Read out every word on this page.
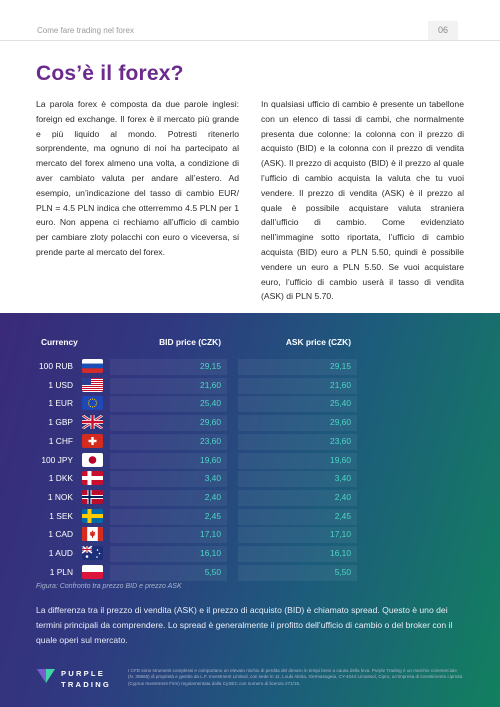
Come fare trading nel forex	06
Cos’è il forex?

La parola forex è composta da due parole inglesi: foreign ed exchange. Il forex è il mercato più grande e più liquido al mondo. Potresti ritenerlo sorprendente, ma ognuno di noi ha partecipato al mercato del forex almeno una volta, a condizione di aver cambiato valuta per andare all’estero. Ad esempio, un’indicazione del tasso di cambio EUR/ PLN = 4.5 PLN indica che otterremmo 4.5 PLN per 1 euro. Non appena ci rechiamo all’ufficio di cambio per cambiare zloty polacchi con euro o viceversa, si prende parte al mercato del forex.

In qualsiasi ufficio di cambio è presente un tabellone con un elenco di tassi di cambi, che normalmente presenta due colonne: la colonna con il prezzo di acquisto (BID) e la colonna con il prezzo di vendita (ASK). Il prezzo di acquisto (BID) è il prezzo al quale l’ufficio di cambio acquista la valuta che tu vuoi vendere. Il prezzo di vendita (ASK) è il prezzo al quale è possibile acquistare valuta straniera dall’ufficio di cambio. Come evidenziato nell’immagine sotto riportata, l’ufficio di cambio acquista (BID) euro a PLN 5.50, quindi è possibile vendere un euro a PLN 5.50. Se vuoi acquistare euro, l’ufficio di cambio userà il tasso di vendita (ASK) di PLN 5.70.

Currency	BID price (CZK)	ASK price (CZK)
100 RUB	29,15	29,15
1 USD	21,60	21,60
1 EUR	25,40	25,40
1 GBP	29,60	29,60
1 CHF	23,60	23,60
100 JPY	19,60	19,60
1 DKK	3,40	3,40
1 NOK	2,40	2,40
1 SEK	2,45	2,45
1 CAD	17,10	17,10
1 AUD	16,10	16,10
1 PLN	5,50	5,50
Figura: Confronto tra prezzo BID e prezzo ASK

La differenza tra il prezzo di vendita (ASK) e il prezzo di acquisto (BID) è chiamato spread. Questo è uno dei termini principali da comprendere. Lo spread è generalmente il profitto dell’ufficio di cambio o del broker con il quale operi sul mercato.

PURPLE
TRADING

I CFD sono strumenti complessi e comportano un elevato rischio di perdita del denaro in tempi brevi a causa della leva. Purple Trading è un marchio commerciale (N. 35865) di proprietà e gestito da L.F. Investment Limited, con sede in 11, Louki Akrita, Germasogeia, CY-4044 Limassol, Cipro, un’impresa di investimento cipriota (Cyprus Investment Firm) regolamentata dalla CySEC con numero di licenza 271/15.
